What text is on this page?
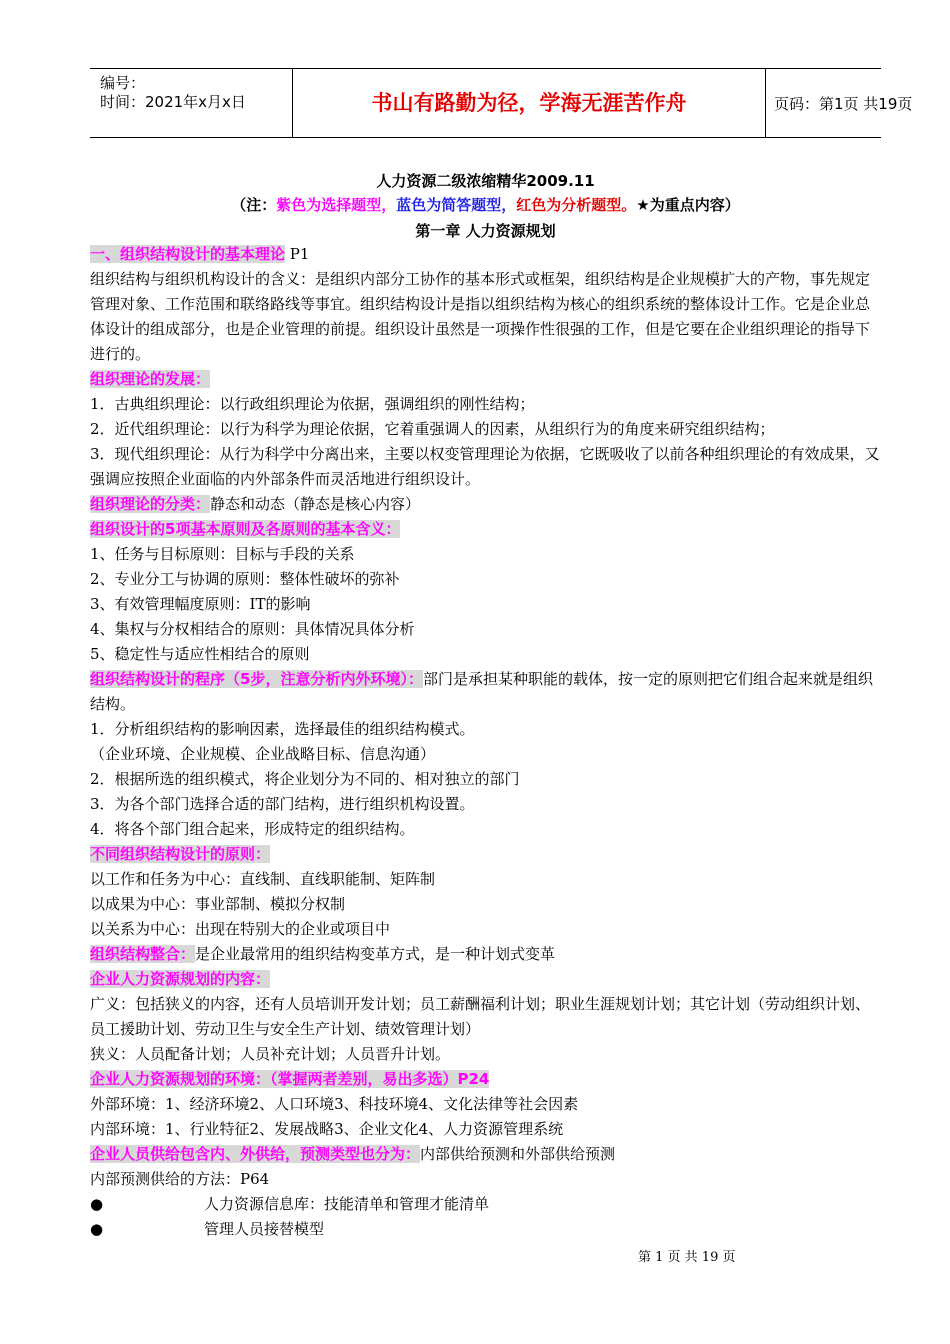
编号：
时间：2021年x月x日	书山有路勤为径，学海无涯苦作舟	页码：第1页 共19页
人力资源二级浓缩精华2009.11
（注：紫色为选择题型，蓝色为简答题型，红色为分析题型。★为重点内容）
第一章 人力资源规划

一、组织结构设计的基本理论 P1

组织结构与组织机构设计的含义：是组织内部分工协作的基本形式或框架，组织结构是企业规模扩大的产物，事先规定管理对象、工作范围和联络路线等事宜。组织结构设计是指以组织结构为核心的组织系统的整体设计工作。它是企业总体设计的组成部分，也是企业管理的前提。组织设计虽然是一项操作性很强的工作，但是它要在企业组织理论的指导下进行的。

组织理论的发展：

1．古典组织理论：以行政组织理论为依据，强调组织的刚性结构；

2．近代组织理论：以行为科学为理论依据，它着重强调人的因素，从组织行为的角度来研究组织结构；

3．现代组织理论：从行为科学中分离出来，主要以权变管理理论为依据，它既吸收了以前各种组织理论的有效成果，又强调应按照企业面临的内外部条件而灵活地进行组织设计。

组织理论的分类：静态和动态（静态是核心内容）

组织设计的5项基本原则及各原则的基本含义：

1、任务与目标原则：目标与手段的关系

2、专业分工与协调的原则：整体性破坏的弥补

3、有效管理幅度原则：IT的影响

4、集权与分权相结合的原则：具体情况具体分析

5、稳定性与适应性相结合的原则

组织结构设计的程序（5步，注意分析内外环境）：部门是承担某种职能的载体，按一定的原则把它们组合起来就是组织结构。

1．分析组织结构的影响因素，选择最佳的组织结构模式。

（企业环境、企业规模、企业战略目标、信息沟通）

2．根据所选的组织模式，将企业划分为不同的、相对独立的部门

3．为各个部门选择合适的部门结构，进行组织机构设置。

4．将各个部门组合起来，形成特定的组织结构。

不同组织结构设计的原则：

以工作和任务为中心：直线制、直线职能制、矩阵制

以成果为中心：事业部制、模拟分权制

以关系为中心：出现在特别大的企业或项目中

组织结构整合：是企业最常用的组织结构变革方式，是一种计划式变革

企业人力资源规划的内容：

广义：包括狭义的内容，还有人员培训开发计划；员工薪酬福利计划；职业生涯规划计划；其它计划（劳动组织计划、员工援助计划、劳动卫生与安全生产计划、绩效管理计划）

狭义：人员配备计划；人员补充计划；人员晋升计划。

企业人力资源规划的环境：（掌握两者差别，易出多选）P24

外部环境：1、经济环境2、人口环境3、科技环境4、文化法律等社会因素

内部环境：1、行业特征2、发展战略3、企业文化4、人力资源管理系统

企业人员供给包含内、外供给，预测类型也分为：内部供给预测和外部供给预测

内部预测供给的方法：P64

●	人力资源信息库：技能清单和管理才能清单

●	管理人员接替模型

第 1 页 共 19 页
